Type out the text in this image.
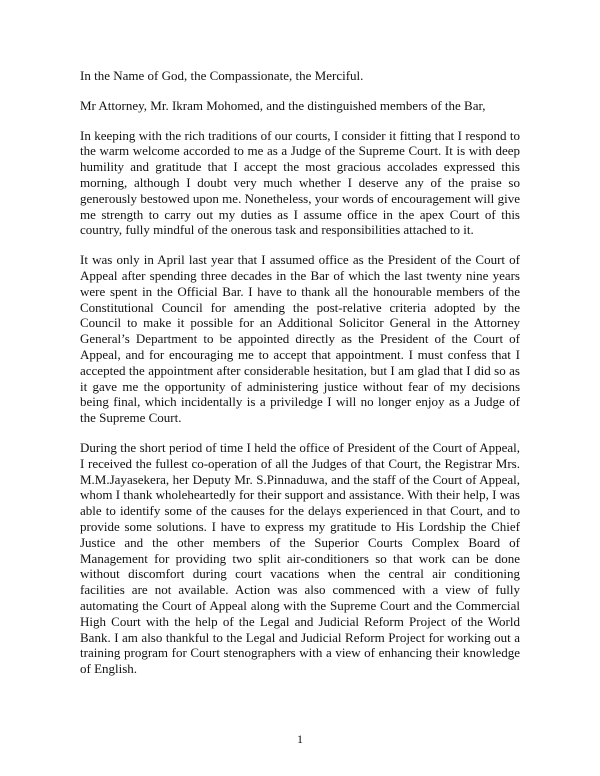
In the Name of God, the Compassionate, the Merciful.

Mr Attorney, Mr. Ikram Mohomed, and the distinguished members of the Bar,

In keeping with the rich traditions of our courts, I consider it fitting that I respond to the warm welcome accorded to me as a Judge of the Supreme Court. It is with deep humility and gratitude that I accept the most gracious accolades expressed this morning, although I doubt very much whether I deserve any of the praise so generously bestowed upon me. Nonetheless, your words of encouragement will give me strength to carry out my duties as I assume office in the apex Court of this country, fully mindful of the onerous task and responsibilities attached to it.

It was only in April last year that I assumed office as the President of the Court of Appeal after spending three decades in the Bar of which the last twenty nine years were spent in the Official Bar. I have to thank all the honourable members of the Constitutional Council for amending the post-relative criteria adopted by the Council to make it possible for an Additional Solicitor General in the Attorney General’s Department to be appointed directly as the President of the Court of Appeal, and for encouraging me to accept that appointment. I must confess that I accepted the appointment after considerable hesitation, but I am glad that I did so as it gave me the opportunity of administering justice without fear of my decisions being final, which incidentally is a priviledge I will no longer enjoy as a Judge of the Supreme Court.

During the short period of time I held the office of President of the Court of Appeal, I received the fullest co-operation of all the Judges of that Court, the Registrar Mrs. M.M.Jayasekera, her Deputy Mr. S.Pinnaduwa, and the staff of the Court of Appeal, whom I thank wholeheartedly for their support and assistance. With their help, I was able to identify some of the causes for the delays experienced in that Court, and to provide some solutions. I have to express my gratitude to His Lordship the Chief Justice and the other members of the Superior Courts Complex Board of Management for providing two split air-conditioners so that work can be done without discomfort during court vacations when the central air conditioning facilities are not available. Action was also commenced with a view of fully automating the Court of Appeal along with the Supreme Court and the Commercial High Court with the help of the Legal and Judicial Reform Project of the World Bank. I am also thankful to the Legal and Judicial Reform Project for working out a training program for Court stenographers with a view of enhancing their knowledge of English.

1
